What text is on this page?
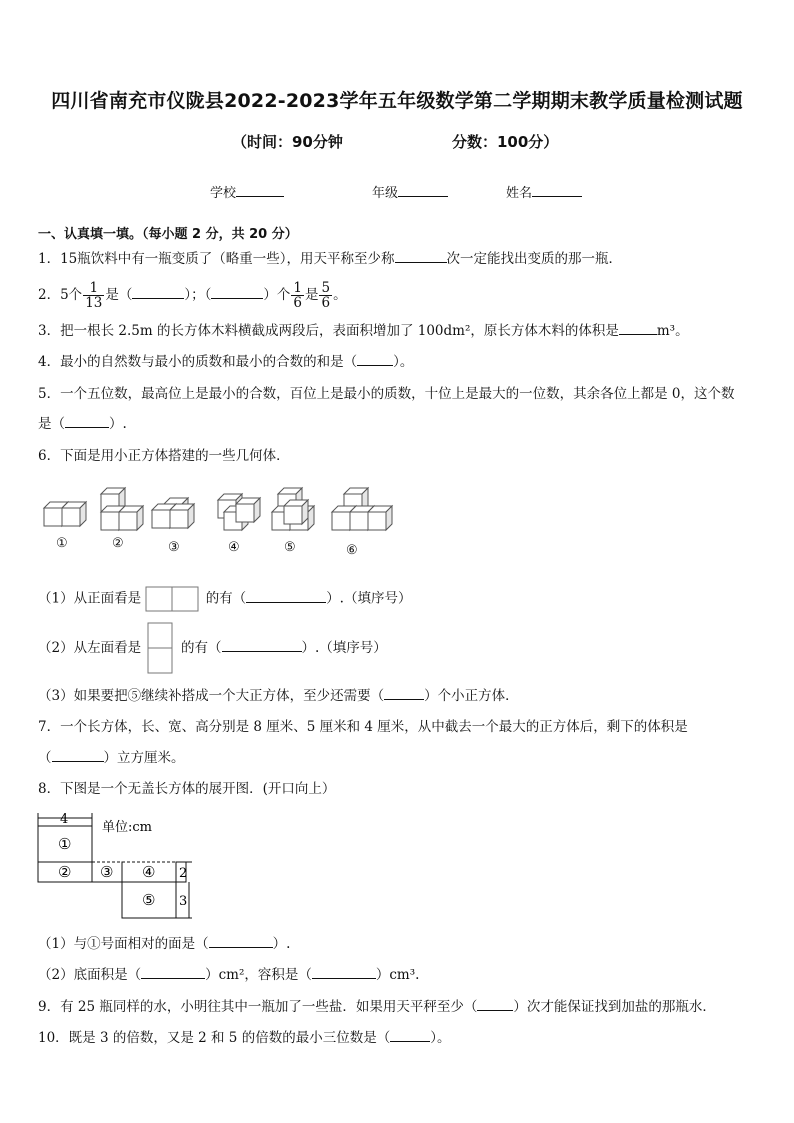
四川省南充市仪陇县2022-2023学年五年级数学第二学期期末教学质量检测试题
（时间：90分钟	分数：100分）
学校	年级	姓名
一、认真填一填。（每小题 2 分，共 20 分）
1．15瓶饮料中有一瓶变质了（略重一些），用天平称至少称	次一定能找出变质的那一瓶．
2．5个 $\frac{1}{13}$ 是（	）；（	）个 $\frac{1}{6}$ 是 $\frac{5}{6}$ 。
3．把一根长 2.5m 的长方体木料横截成两段后，表面积增加了 100dm²，原长方体木料的体积是	m³。
4．最小的自然数与最小的质数和最小的合数的和是（	）。
5．一个五位数，最高位上是最小的合数，百位上是最小的质数，十位上是最大的一位数，其余各位上都是 0，这个数
是（	）.
6．下面是用小正方体搭建的一些几何体．
①	②	③	④	⑤	⑥
（1）从正面看是	的有（	）.（填序号）
（2）从左面看是	的有（	）.（填序号）
（3）如果要把⑤继续补搭成一个大正方体，至少还需要（	）个小正方体．
7．一个长方体，长、宽、高分别是 8 厘米、5 厘米和 4 厘米，从中截去一个最大的正方体后，剩下的体积是
（	）立方厘米。
8．下图是一个无盖长方体的展开图．(开口向上）
4
单位:cm
①
② ③ ④
⑤
2
3
（1）与①号面相对的面是（	）.
（2）底面积是（	）cm²，容积是（	）cm³.
9．有 25 瓶同样的水，小明往其中一瓶加了一些盐．如果用天平秤至少（	）次才能保证找到加盐的那瓶水．
10．既是 3 的倍数，又是 2 和 5 的倍数的最小三位数是（	）。
